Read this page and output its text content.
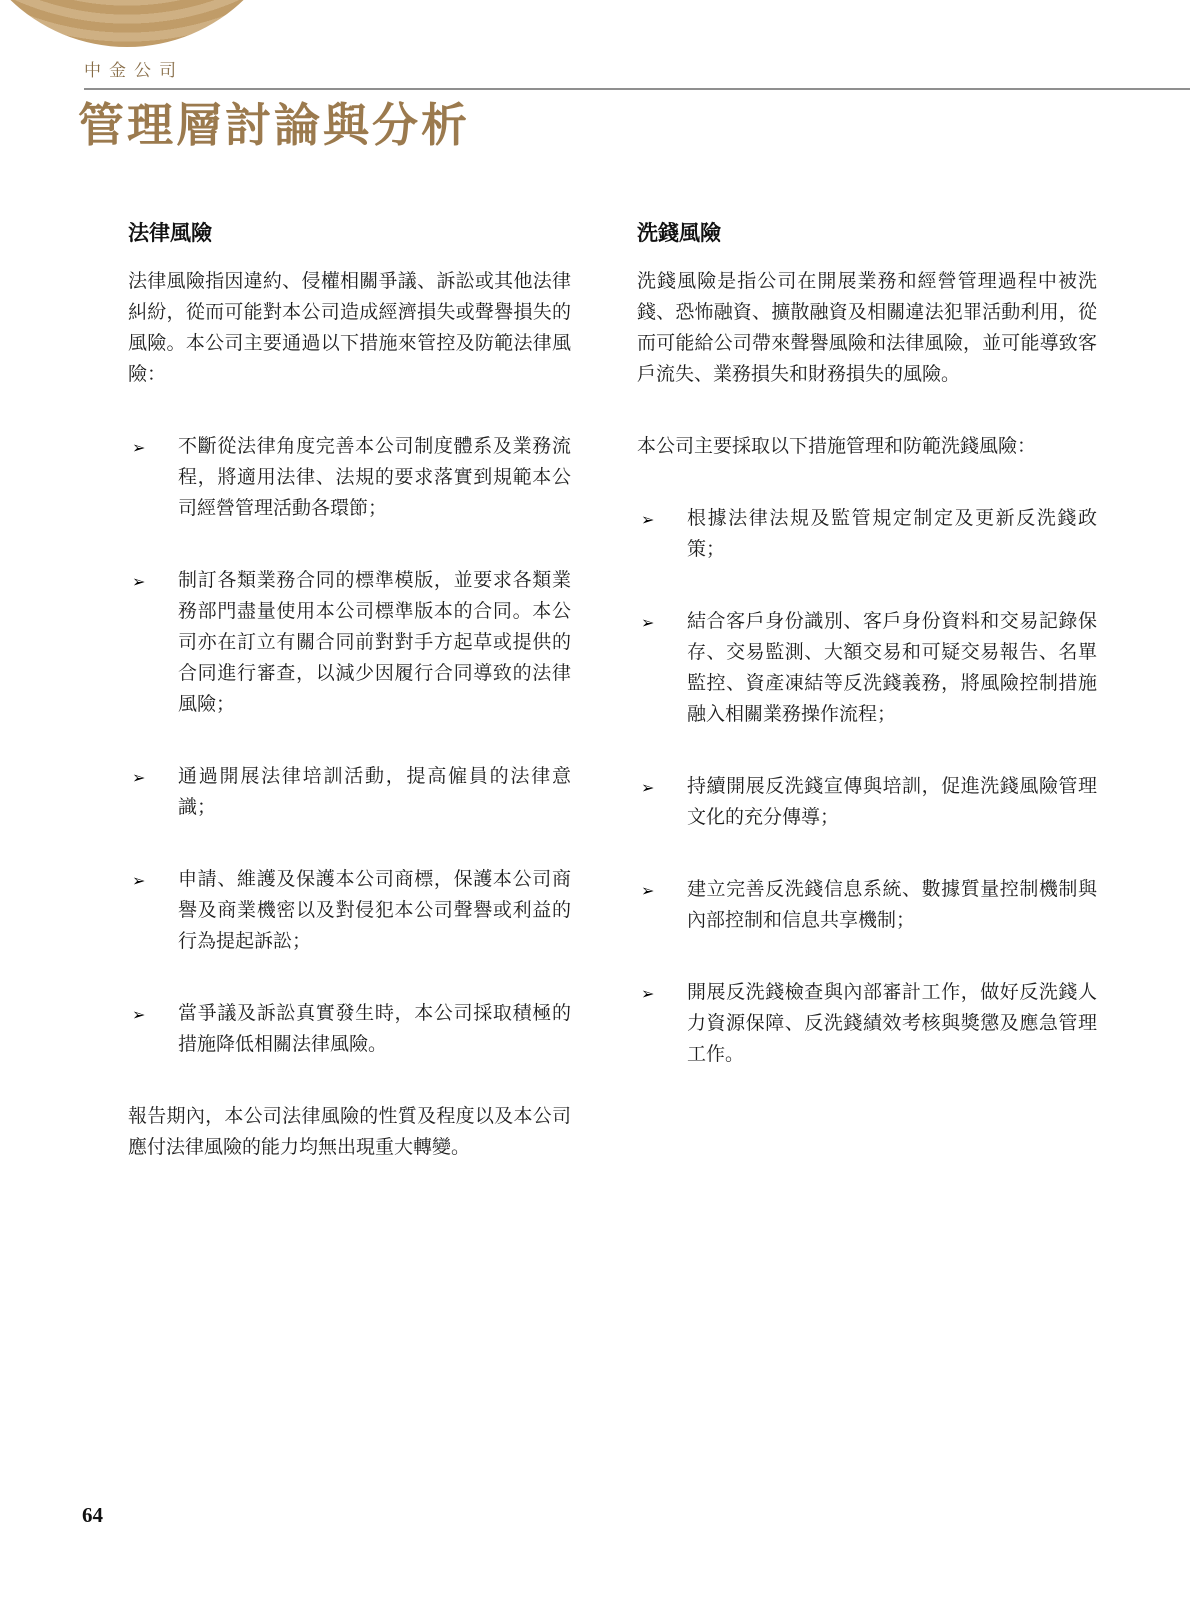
中金公司
管理層討論與分析
法律風險

法律風險指因違約、侵權相關爭議、訴訟或其他法律糾紛，從而可能對本公司造成經濟損失或聲譽損失的風險。本公司主要通過以下措施來管控及防範法律風險：

➢ 不斷從法律角度完善本公司制度體系及業務流程，將適用法律、法規的要求落實到規範本公司經營管理活動各環節；
➢ 制訂各類業務合同的標準模版，並要求各類業務部門盡量使用本公司標準版本的合同。本公司亦在訂立有關合同前對對手方起草或提供的合同進行審查，以減少因履行合同導致的法律風險；
➢ 通過開展法律培訓活動，提高僱員的法律意識；
➢ 申請、維護及保護本公司商標，保護本公司商譽及商業機密以及對侵犯本公司聲譽或利益的行為提起訴訟；
➢ 當爭議及訴訟真實發生時，本公司採取積極的措施降低相關法律風險。

報告期內，本公司法律風險的性質及程度以及本公司應付法律風險的能力均無出現重大轉變。

洗錢風險

洗錢風險是指公司在開展業務和經營管理過程中被洗錢、恐怖融資、擴散融資及相關違法犯罪活動利用，從而可能給公司帶來聲譽風險和法律風險，並可能導致客戶流失、業務損失和財務損失的風險。

本公司主要採取以下措施管理和防範洗錢風險：

➢ 根據法律法規及監管規定制定及更新反洗錢政策；
➢ 結合客戶身份識別、客戶身份資料和交易記錄保存、交易監測、大額交易和可疑交易報告、名單監控、資產凍結等反洗錢義務，將風險控制措施融入相關業務操作流程；
➢ 持續開展反洗錢宣傳與培訓，促進洗錢風險管理文化的充分傳導；
➢ 建立完善反洗錢信息系統、數據質量控制機制與內部控制和信息共享機制；
➢ 開展反洗錢檢查與內部審計工作，做好反洗錢人力資源保障、反洗錢績效考核與獎懲及應急管理工作。
64
